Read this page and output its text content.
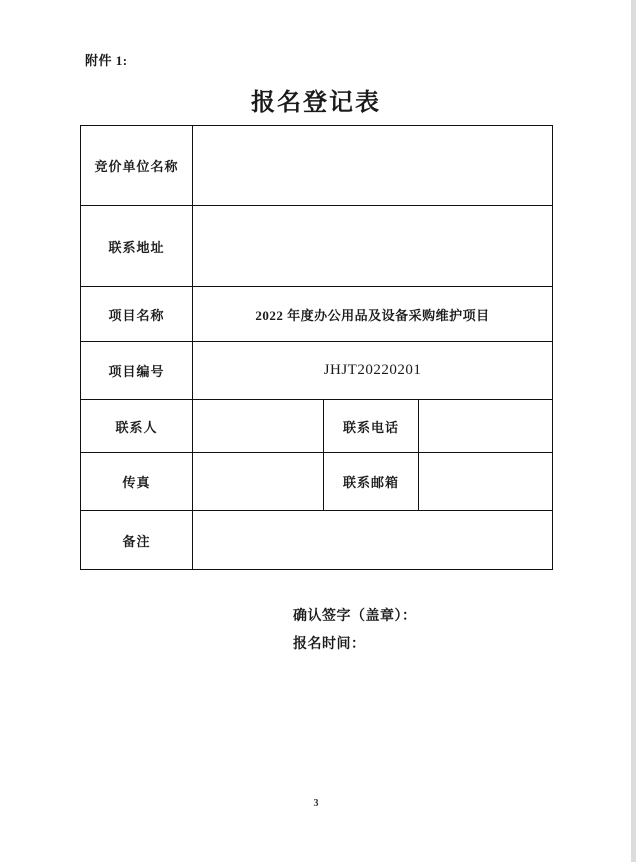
附件 1:
报名登记表
竞价单位名称			
联系地址			
项目名称	2022 年度办公用品及设备采购维护项目		
项目编号	JHJT20220201		
联系人		联系电话	
传真		联系邮箱	
备注			
确认签字（盖章）：
报名时间：
3
